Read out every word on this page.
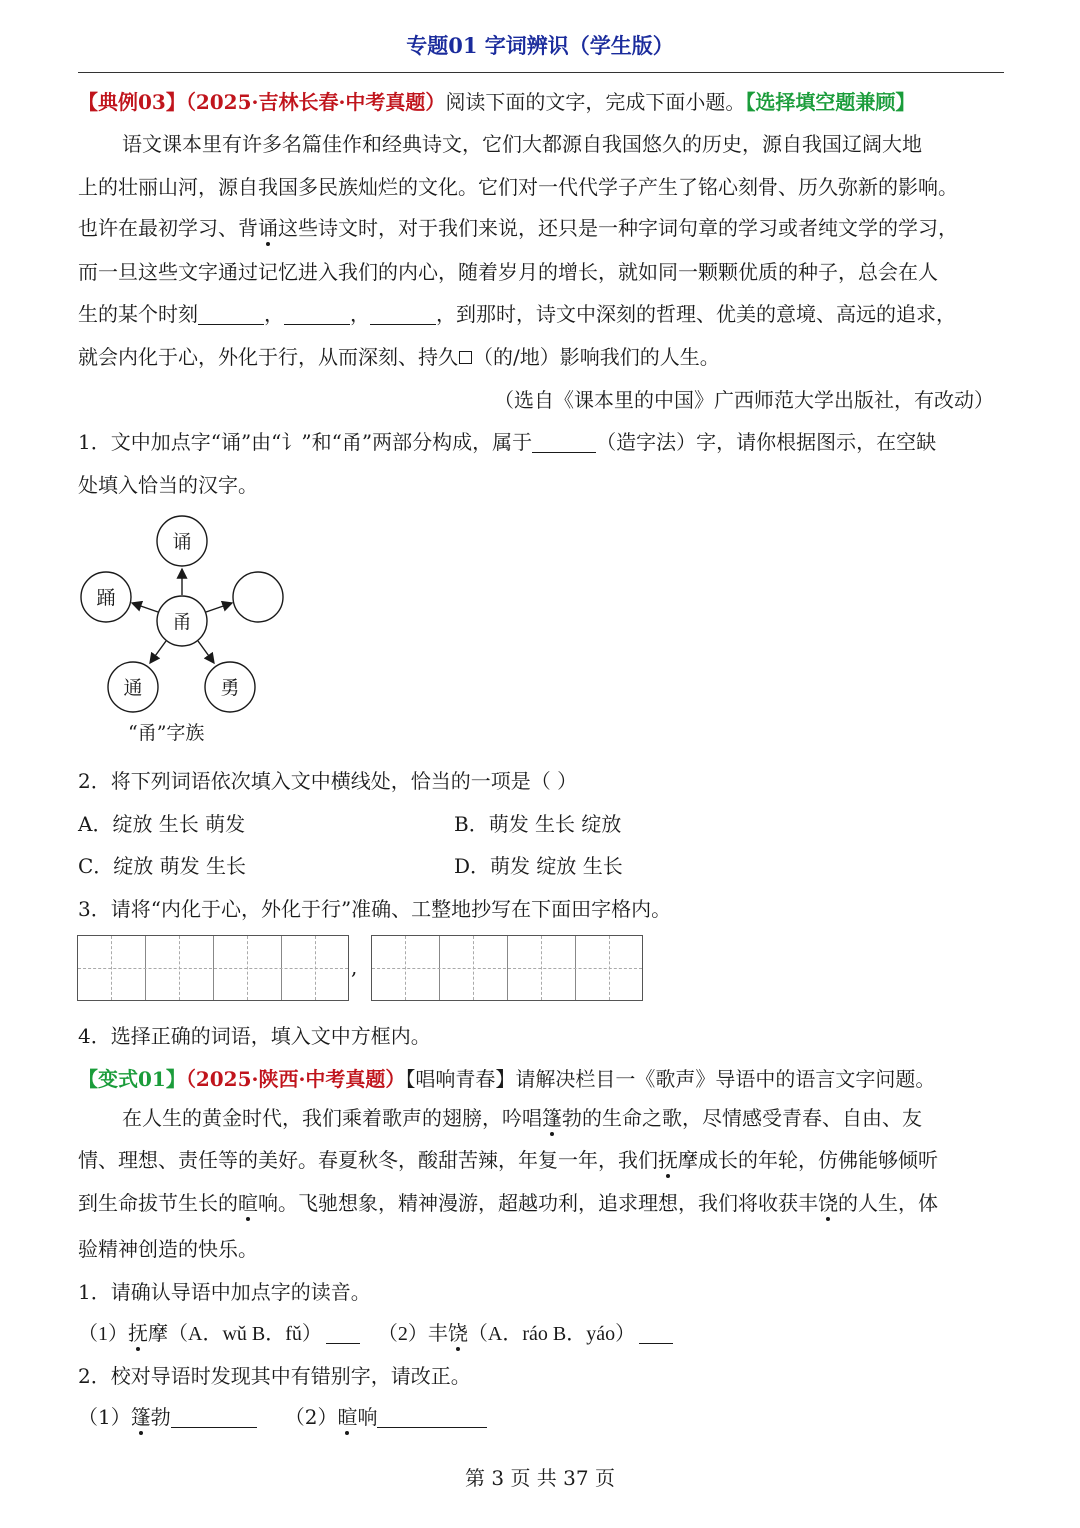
专题01 字词辨识（学生版）
【典例03】（2025·吉林长春·中考真题）阅读下面的文字，完成下面小题。【选择填空题兼顾】
语文课本里有许多名篇佳作和经典诗文，它们大都源自我国悠久的历史，源自我国辽阔大地
上的壮丽山河，源自我国多民族灿烂的文化。它们对一代代学子产生了铭心刻骨、历久弥新的影响。
也许在最初学习、背诵这些诗文时，对于我们来说，还只是一种字词句章的学习或者纯文学的学习，
而一旦这些文字通过记忆进入我们的内心，随着岁月的增长，就如同一颗颗优质的种子，总会在人
生的某个时刻	，	，	，到那时，诗文中深刻的哲理、优美的意境、高远的追求，
就会内化于心，外化于行，从而深刻、持久 （的/地）影响我们的人生。
（选自《课本里的中国》广西师范大学出版社，有改动）
1．文中加点字“诵”由“讠”和“甬”两部分构成，属于	（造字法）字，请你根据图示，在空缺
处填入恰当的汉字。
甬
诵
踊
通	勇
“甬”字族
2．将下列词语依次填入文中横线处，恰当的一项是（ ）
A．绽放 生长 萌发	B．萌发 生长 绽放
C．绽放 萌发 生长	D．萌发 绽放 生长
3．请将“内化于心，外化于行”准确、工整地抄写在下面田字格内。
,
4．选择正确的词语，填入文中方框内。
【变式01】（2025·陕西·中考真题）【唱响青春】请解决栏目一《歌声》导语中的语言文字问题。
在人生的黄金时代，我们乘着歌声的翅膀，吟唱篷勃的生命之歌，尽情感受青春、自由、友
情、理想、责任等的美好。春夏秋冬，酸甜苦辣，年复一年，我们抚摩成长的年轮，仿佛能够倾听
到生命拔节生长的暄响。飞驰想象，精神漫游，超越功利，追求理想，我们将收获丰饶的人生，体
验精神创造的快乐。
1．请确认导语中加点字的读音。
（1）抚摩（A．wǔ B．fǔ）	（2）丰饶（A．ráo B．yáo）
2．校对导语时发现其中有错别字，请改正。
（1）篷勃	（2）暄响
第 3 页 共 37 页
